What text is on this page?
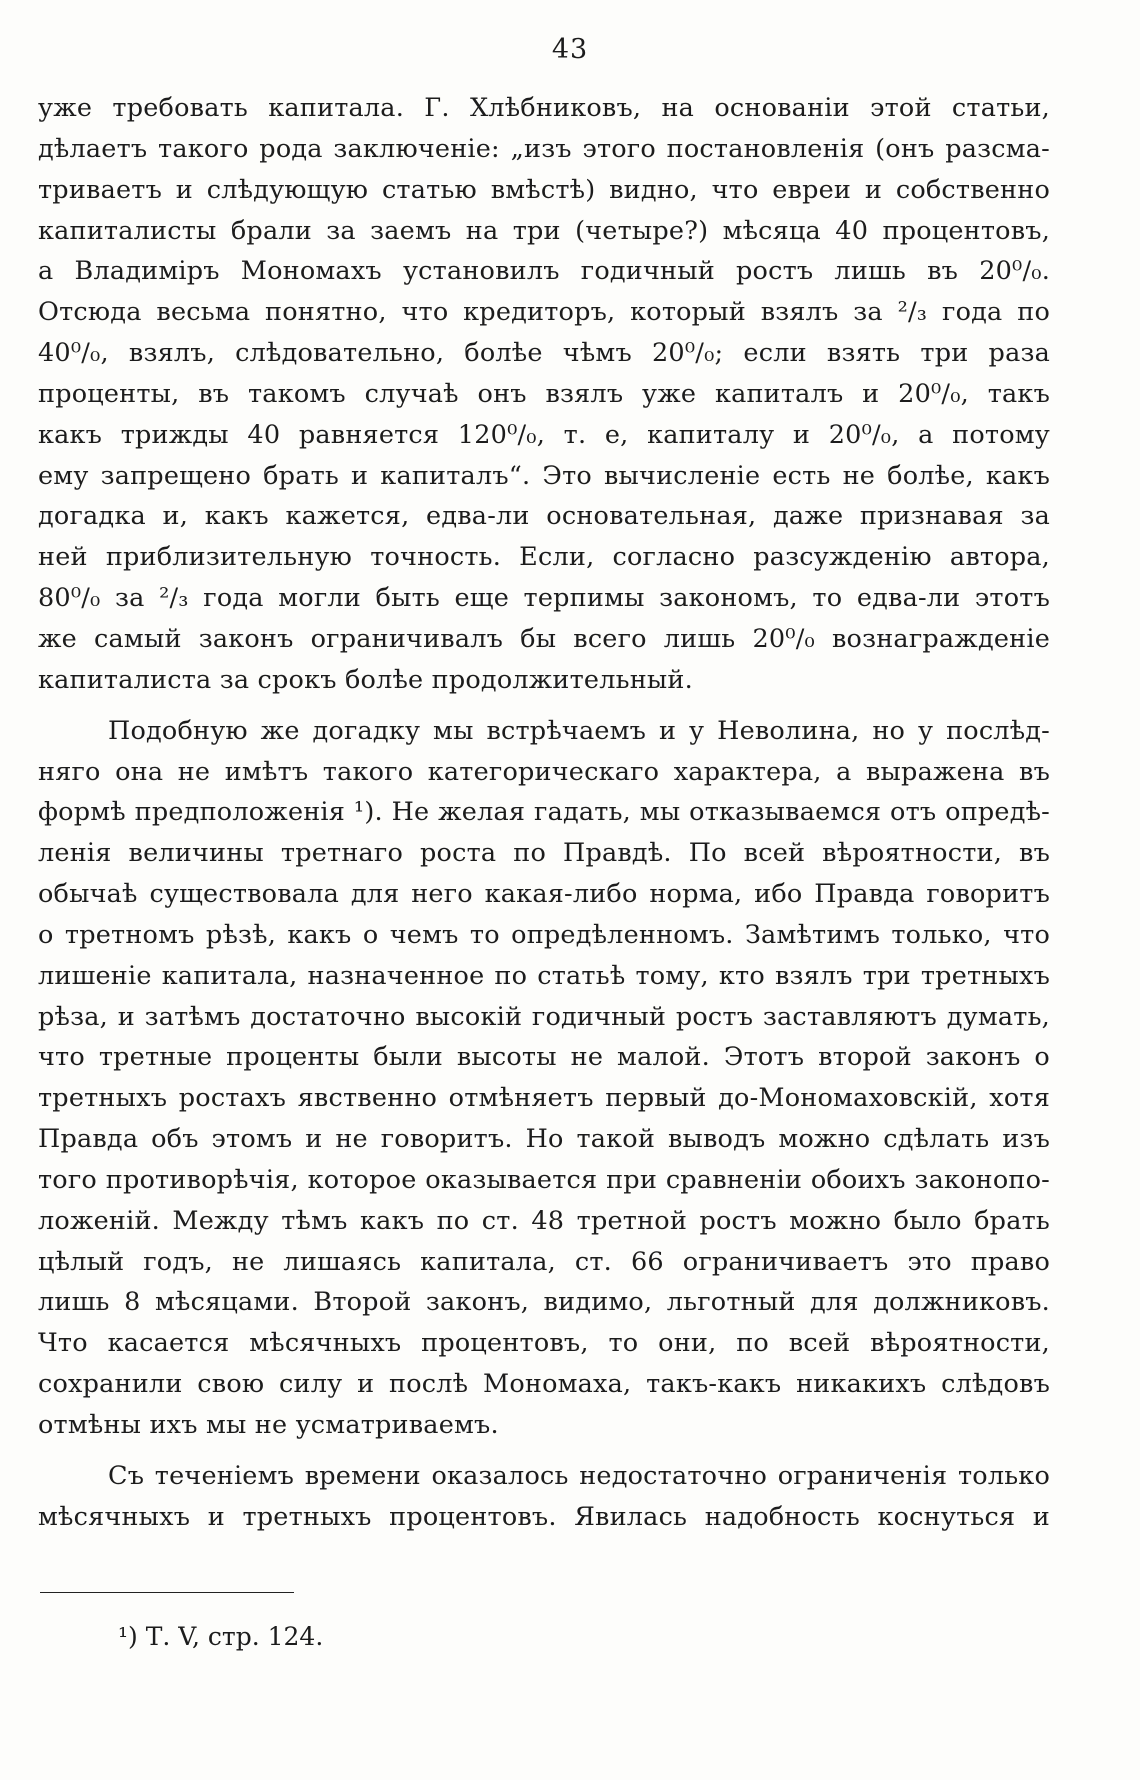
43
уже требовать капитала. Г. Хлѣбниковъ, на основаніи этой статьи,
дѣлаетъ такого рода заключеніе: „изъ этого постановленія (онъ разсма-
триваетъ и слѣдующую статью вмѣстѣ) видно, что евреи и собственно
капиталисты брали за заемъ на три (четыре?) мѣсяца 40 процентовъ,
а Владиміръ Мономахъ установилъ годичный ростъ лишь въ 20⁰/₀.
Отсюда весьма понятно, что кредиторъ, который взялъ за ²/₃ года по
40⁰/₀, взялъ, слѣдовательно, болѣе чѣмъ 20⁰/₀; если взять три раза
проценты, въ такомъ случаѣ онъ взялъ уже капиталъ и 20⁰/₀, такъ
какъ трижды 40 равняется 120⁰/₀, т. е, капиталу и 20⁰/₀, а потому
ему запрещено брать и капиталъ“. Это вычисленіе есть не болѣе, какъ
догадка и, какъ кажется, едва-ли основательная, даже признавая за
ней приблизительную точность. Если, согласно разсужденію автора,
80⁰/₀ за ²/₃ года могли быть еще терпимы закономъ, то едва-ли этотъ
же самый законъ ограничивалъ бы всего лишь 20⁰/₀ вознагражденіе
капиталиста за срокъ болѣе продолжительный.
Подобную же догадку мы встрѣчаемъ и у Неволина, но у послѣд-
няго она не имѣтъ такого категорическаго характера, а выражена въ
формѣ предположенія ¹). Не желая гадать, мы отказываемся отъ опредѣ-
ленія величины третнаго роста по Правдѣ. По всей вѣроятности, въ
обычаѣ существовала для него какая-либо норма, ибо Правда говоритъ
о третномъ рѣзѣ, какъ о чемъ то опредѣленномъ. Замѣтимъ только, что
лишеніе капитала, назначенное по статьѣ тому, кто взялъ три третныхъ
рѣза, и затѣмъ достаточно высокій годичный ростъ заставляютъ думать,
что третные проценты были высоты не малой. Этотъ второй законъ о
третныхъ ростахъ явственно отмѣняетъ первый до-Мономаховскій, хотя
Правда объ этомъ и не говоритъ. Но такой выводъ можно сдѣлать изъ
того противорѣчія, которое оказывается при сравненіи обоихъ законопо-
ложеній. Между тѣмъ какъ по ст. 48 третной ростъ можно было брать
цѣлый годъ, не лишаясь капитала, ст. 66 ограничиваетъ это право
лишь 8 мѣсяцами. Второй законъ, видимо, льготный для должниковъ.
Что касается мѣсячныхъ процентовъ, то они, по всей вѣроятности,
сохранили свою силу и послѣ Мономаха, такъ-какъ никакихъ слѣдовъ
отмѣны ихъ мы не усматриваемъ.
Съ теченіемъ времени оказалось недостаточно ограниченія только
мѣсячныхъ и третныхъ процентовъ. Явилась надобность коснуться и
¹) Т. V, стр. 124.
